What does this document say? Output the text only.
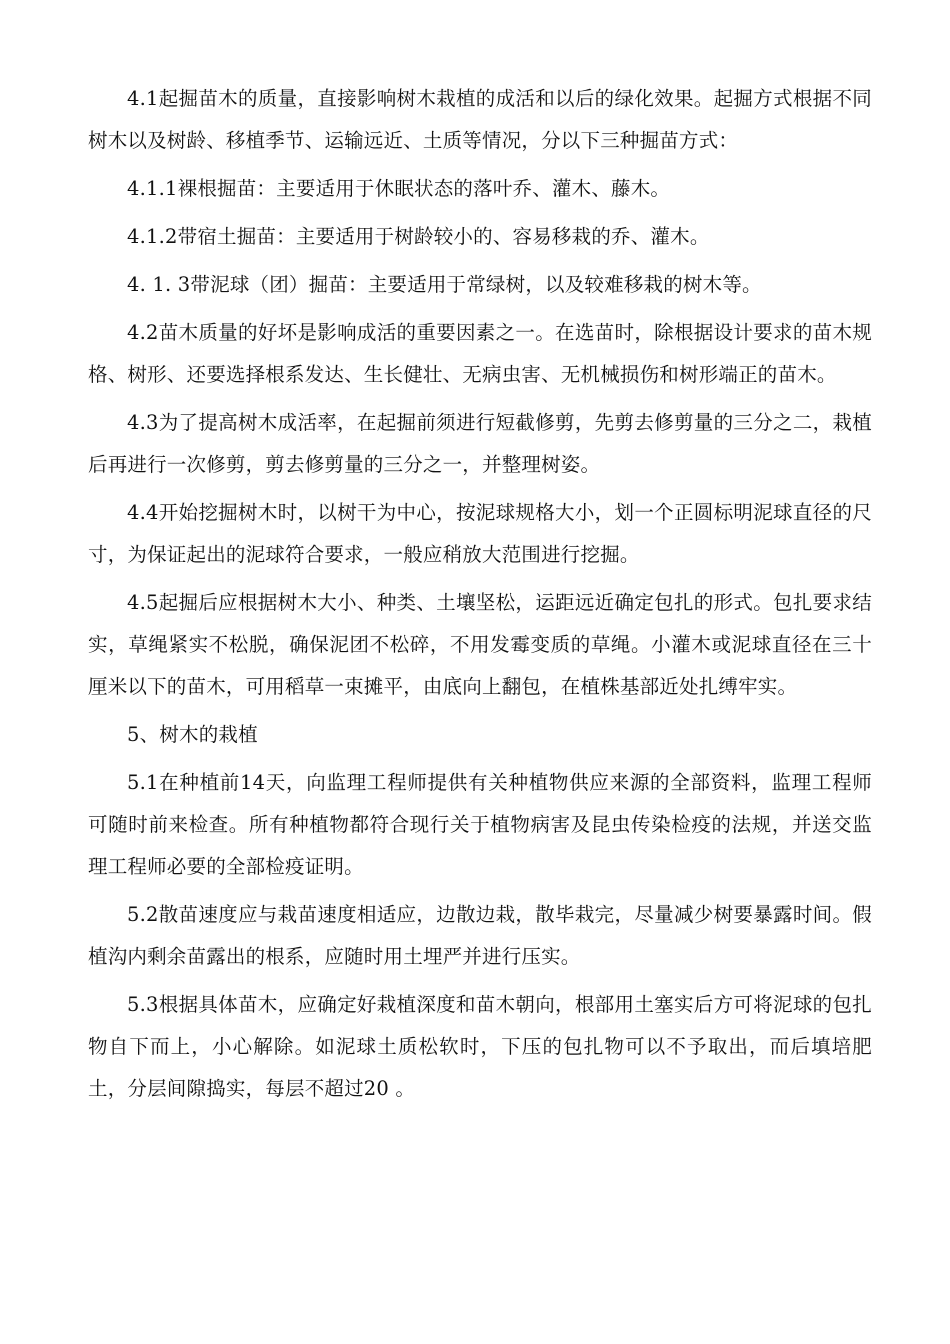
4.1起掘苗木的质量，直接影响树木栽植的成活和以后的绿化效果。起掘方式根据不同树木以及树龄、移植季节、运输远近、土质等情况，分以下三种掘苗方式：

4.1.1裸根掘苗：主要适用于休眠状态的落叶乔、灌木、藤木。

4.1.2带宿土掘苗：主要适用于树龄较小的、容易移栽的乔、灌木。

4. 1. 3带泥球（团）掘苗：主要适用于常绿树，以及较难移栽的树木等。

4.2苗木质量的好坏是影响成活的重要因素之一。在选苗时，除根据设计要求的苗木规格、树形、还要选择根系发达、生长健壮、无病虫害、无机械损伤和树形端正的苗木。

4.3为了提高树木成活率，在起掘前须进行短截修剪，先剪去修剪量的三分之二，栽植后再进行一次修剪，剪去修剪量的三分之一，并整理树姿。

4.4开始挖掘树木时，以树干为中心，按泥球规格大小，划一个正圆标明泥球直径的尺寸，为保证起出的泥球符合要求，一般应稍放大范围进行挖掘。

4.5起掘后应根据树木大小、种类、土壤坚松，运距远近确定包扎的形式。包扎要求结实，草绳紧实不松脱，确保泥团不松碎，不用发霉变质的草绳。小灌木或泥球直径在三十厘米以下的苗木，可用稻草一束摊平，由底向上翻包，在植株基部近处扎缚牢实。

5、树木的栽植

5.1在种植前14天，向监理工程师提供有关种植物供应来源的全部资料，监理工程师可随时前来检查。所有种植物都符合现行关于植物病害及昆虫传染检疫的法规，并送交监理工程师必要的全部检疫证明。

5.2散苗速度应与栽苗速度相适应，边散边栽，散毕栽完，尽量减少树要暴露时间。假植沟内剩余苗露出的根系，应随时用土埋严并进行压实。

5.3根据具体苗木，应确定好栽植深度和苗木朝向，根部用土塞实后方可将泥球的包扎物自下而上，小心解除。如泥球土质松软时，下压的包扎物可以不予取出，而后填培肥土，分层间隙捣实，每层不超过20 。
